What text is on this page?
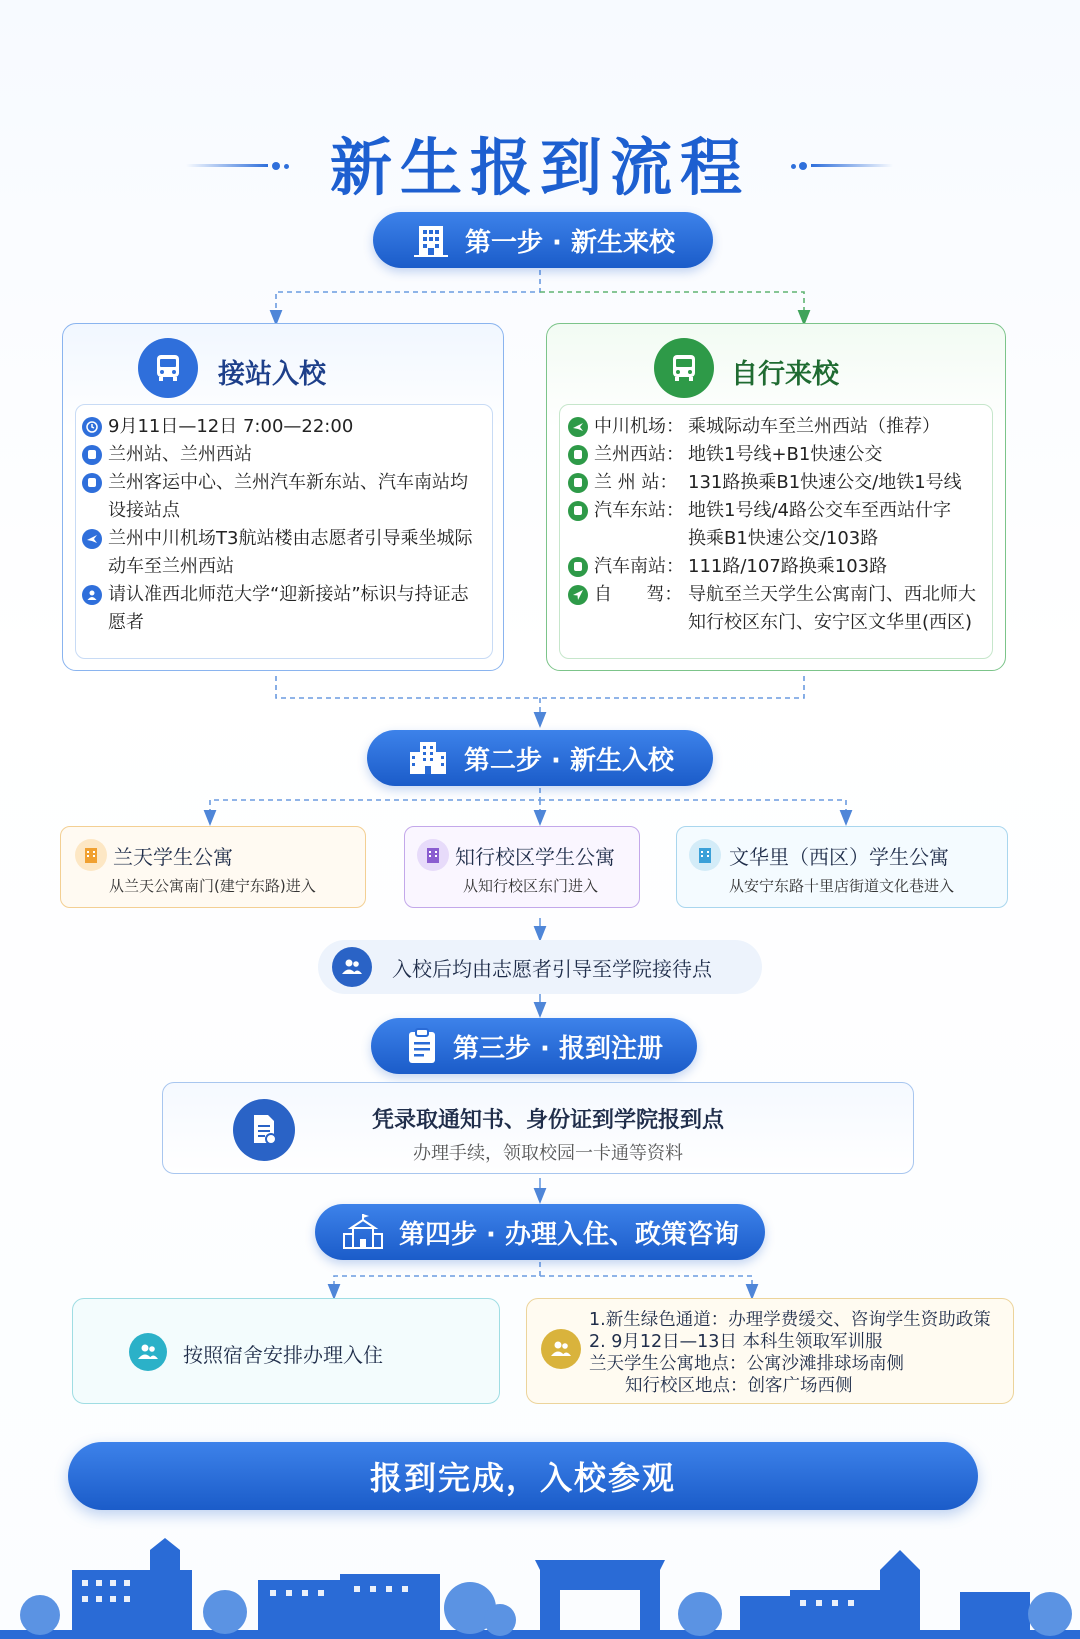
新生报到流程
第一步 · 新生来校
接站入校
9月11日—12日 7:00—22:00
兰州站、兰州西站
兰州客运中心、兰州汽车新东站、汽车南站均设接站点
兰州中川机场T3航站楼由志愿者引导乘坐城际动车至兰州西站
请认准西北师范大学“迎新接站”标识与持证志愿者
自行来校
中川机场： 乘城际动车至兰州西站（推荐）
兰州西站： 地铁1号线+B1快速公交
兰 州 站： 131路换乘B1快速公交/地铁1号线
汽车东站： 地铁1号线/4路公交车至西站什字
换乘B1快速公交/103路
汽车南站： 111路/107路换乘103路
自      驾： 导航至兰天学生公寓南门、西北师大
知行校区东门、安宁区文华里(西区)
第二步 · 新生入校
兰天学生公寓
从兰天公寓南门(建宁东路)进入
知行校区学生公寓
从知行校区东门进入
文华里（西区）学生公寓
从安宁东路十里店街道文化巷进入
入校后均由志愿者引导至学院接待点
第三步 · 报到注册
凭录取通知书、身份证到学院报到点
办理手续，领取校园一卡通等资料
第四步 · 办理入住、政策咨询
按照宿舍安排办理入住
1.新生绿色通道：办理学费缓交、咨询学生资助政策
2. 9月12日—13日 本科生领取军训服
兰天学生公寓地点：公寓沙滩排球场南侧
知行校区地点：创客广场西侧
报到完成，入校参观
